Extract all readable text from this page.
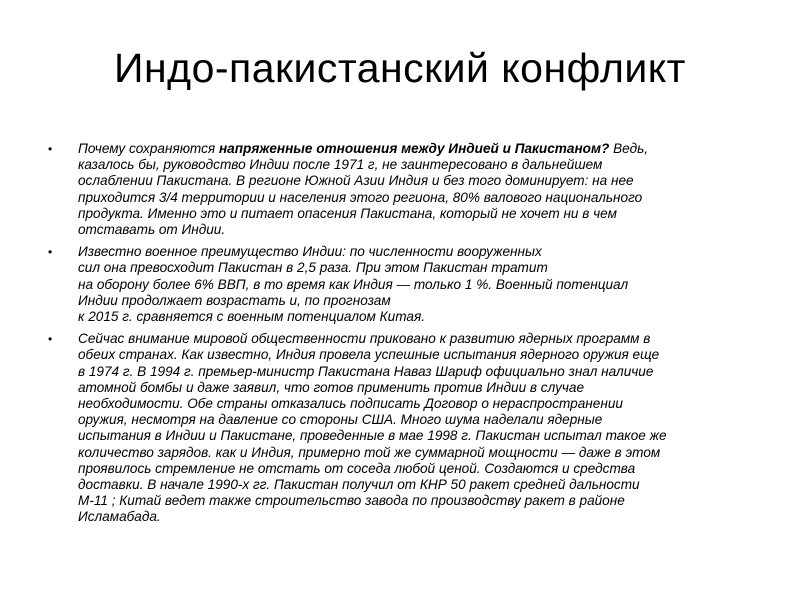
Индо-пакистанский конфликт
• Почему сохраняются напряженные отношения между Индией и Пакистаном? Ведь,
казалось бы, руководство Индии после 1971 г, не заинтересовано в дальнейшем
ослаблении Пакистана. В регионе Южной Азии Индия и без того доминирует: на нее
приходится 3/4 территории и населения этого региона, 80% валового национального
продукта. Именно это и питает опасения Пакистана, который не хочет ни в чем
отставать от Индии.
• Известно военное преимущество Индии: по численности вооруженных
сил она превосходит Пакистан в 2,5 раза. При этом Пакистан тратит
на оборону более 6% ВВП, в то время как Индия — только 1 %. Военный потенциал
Индии продолжает возрастать и, по прогнозам
к 2015 г. сравняется с военным потенциалом Китая.
• Сейчас внимание мировой общественности приковано к развитию ядерных программ в
обеих странах. Как известно, Индия провела успешные испытания ядерного оружия еще
в 1974 г. В 1994 г. премьер-министр Пакистана Наваз Шариф официально знал наличие
атомной бомбы и даже заявил, что готов применить против Индии в случае
необходимости. Обе страны отказались подписать Договор о нераспространении
оружия, несмотря на давление со стороны США. Много шума наделали ядерные
испытания в Индии и Пакистане, проведенные в мае 1998 г. Пакистан испытал такое же
количество зарядов. как и Индия, примерно той же суммарной мощности — даже в этом
проявилось стремление не отстать от соседа любой ценой. Создаются и средства
доставки. В начале 1990-х гг. Пакистан получил от КНР 50 ракет средней дальности
М-11 ; Китай ведет также строительство завода по производству ракет в районе
Исламабада.
